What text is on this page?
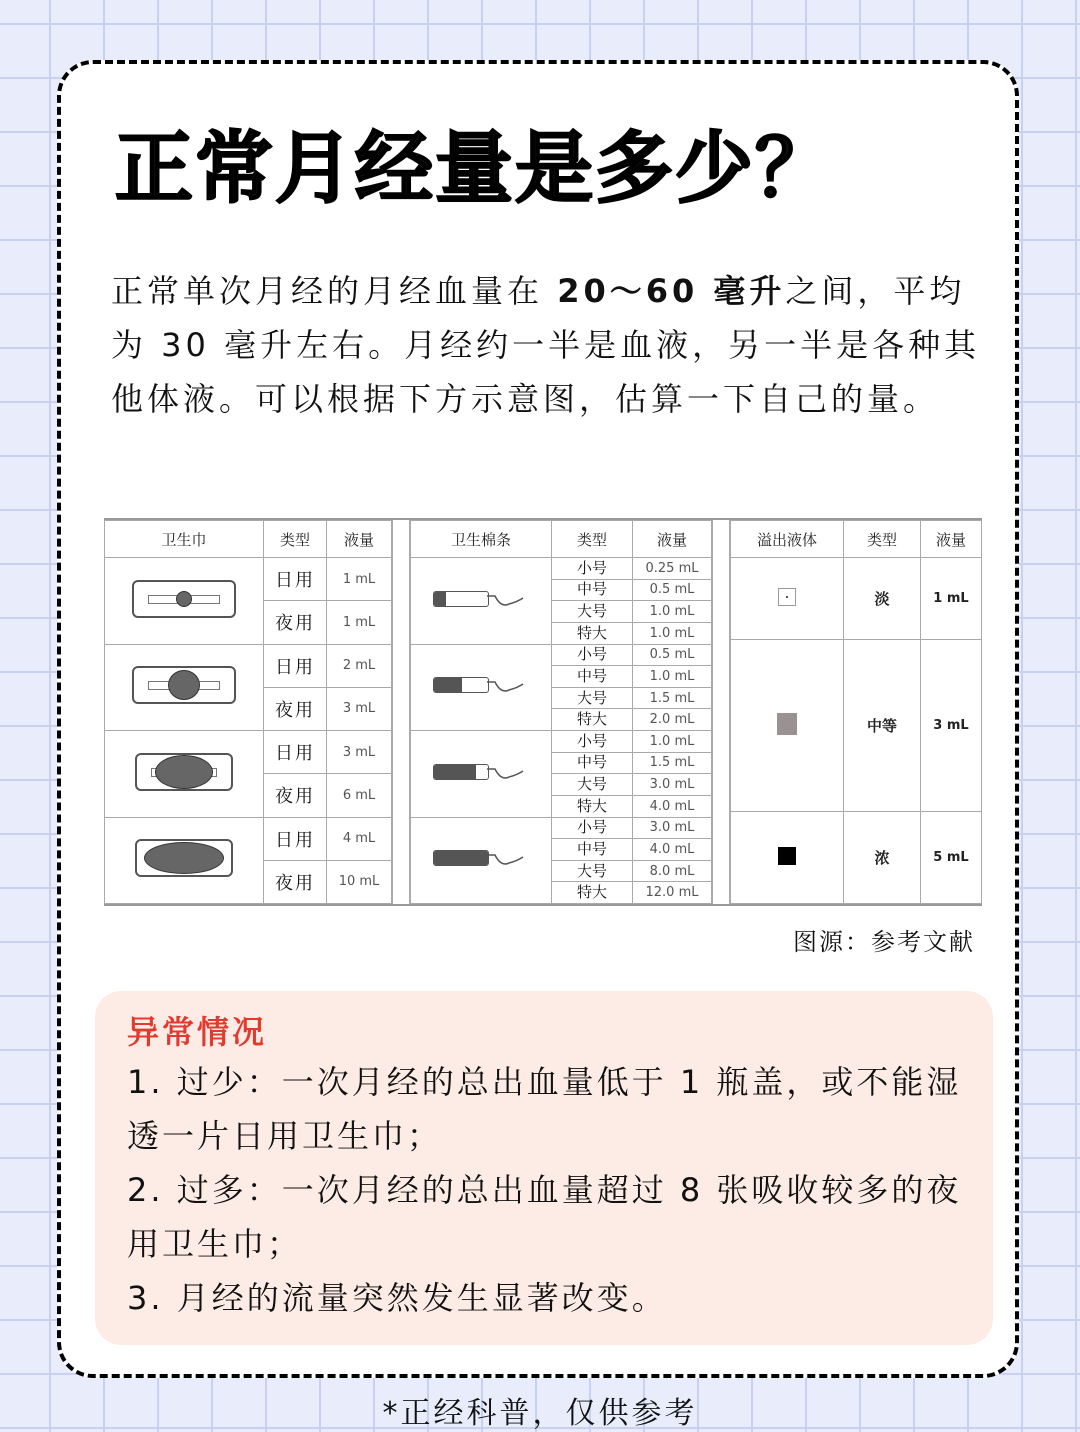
正常月经量是多少？
正常单次月经的月经血量在 20～60 毫升之间，平均为 30 毫升左右。月经约一半是血液，另一半是各种其他体液。可以根据下方示意图，估算一下自己的量。
卫生巾	类型	液量

	日用	1 mL
	夜用	1 mL

	日用	2 mL
	夜用	3 mL

	日用	3 mL
	夜用	6 mL

	日用	4 mL
	夜用	10 mL
卫生棉条	类型	液量

	小号	0.25 mL
	中号	0.5 mL
	大号	1.0 mL
	特大	1.0 mL

	小号	0.5 mL
	中号	1.0 mL
	大号	1.5 mL
	特大	2.0 mL

	小号	1.0 mL
	中号	1.5 mL
	大号	3.0 mL
	特大	4.0 mL

	小号	3.0 mL
	中号	4.0 mL
	大号	8.0 mL
	特大	12.0 mL
溢出液体	类型	液量

	淡	1 mL
	中等	3 mL
	浓	5 mL
图源：参考文献
异常情况
1. 过少：一次月经的总出血量低于 1 瓶盖，或不能湿透一片日用卫生巾；
2. 过多：一次月经的总出血量超过 8 张吸收较多的夜用卫生巾；
3. 月经的流量突然发生显著改变。
*正经科普，仅供参考
